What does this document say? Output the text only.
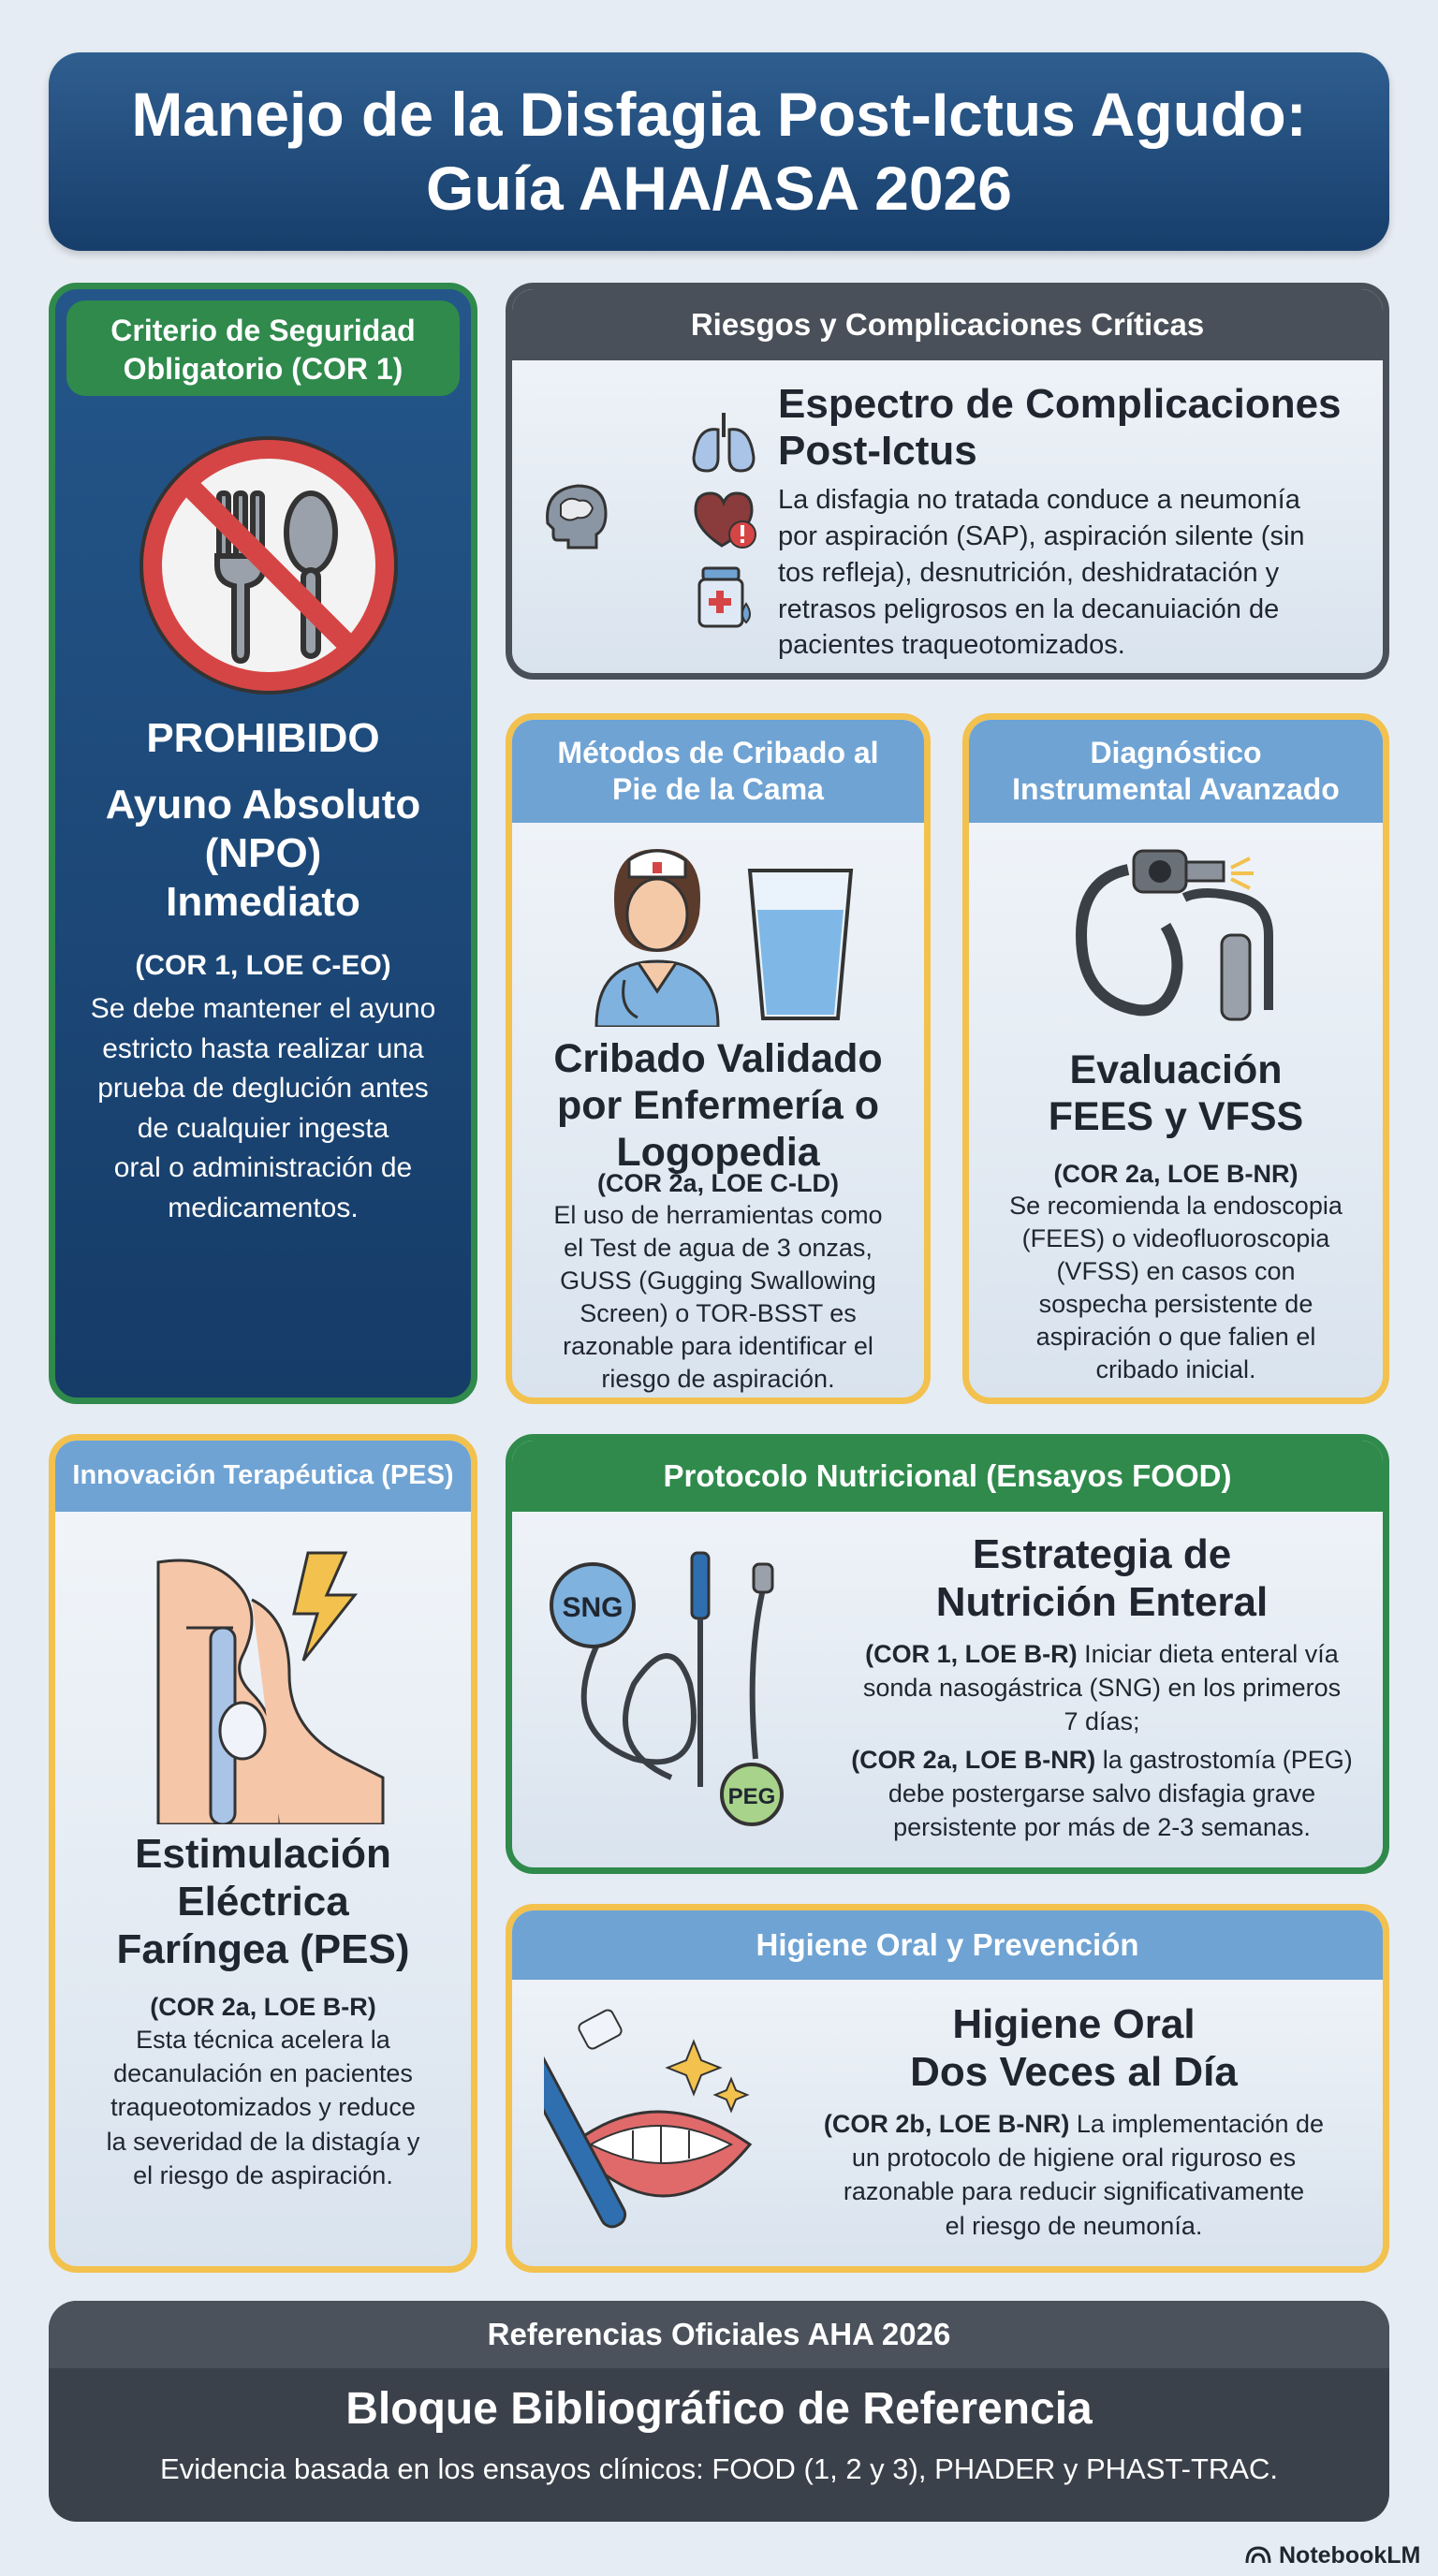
Manejo de la Disfagia Post-Ictus Agudo:
Guía AHA/ASA 2026
Criterio de Seguridad
Obligatorio (COR 1)
PROHIBIDO
Ayuno Absoluto
(NPO)
Inmediato
(COR 1, LOE C-EO)
Se debe mantener el ayuno
estricto hasta realizar una
prueba de deglución antes
de cualquier ingesta
oral o administración de
medicamentos.
Riesgos y Complicaciones Críticas
Espectro de Complicaciones
Post-Ictus
La disfagia no tratada conduce a neumonía
por aspiración (SAP), aspiración silente (sin
tos refleja), desnutrición, deshidratación y
retrasos peligrosos en la decanuiación de
pacientes traqueotomizados.
Métodos de Cribado al
Pie de la Cama
Cribado Validado
por Enfermería o
Logopedia
(COR 2a, LOE C-LD)
El uso de herramientas como
el Test de agua de 3 onzas,
GUSS (Gugging Swallowing
Screen) o TOR-BSST es
razonable para identificar el
riesgo de aspiración.
Diagnóstico
Instrumental Avanzado
Evaluación
FEES y VFSS
(COR 2a, LOE B-NR)
Se recomienda la endoscopia
(FEES) o videofluoroscopia
(VFSS) en casos con
sospecha persistente de
aspiración o que falien el
cribado inicial.
Innovación Terapéutica (PES)
Estimulación
Eléctrica
Faríngea (PES)
(COR 2a, LOE B-R)
Esta técnica acelera la
decanulación en pacientes
traqueotomizados y reduce
la severidad de la distagía y
el riesgo de aspiración.
Protocolo Nutricional (Ensayos FOOD)
SNG
PEG
Estrategia de
Nutrición Enteral
(COR 1, LOE B-R) Iniciar dieta enteral vía
sonda nasogástrica (SNG) en los primeros
7 días;
(COR 2a, LOE B-NR) la gastrostomía (PEG)
debe postergarse salvo disfagia grave
persistente por más de 2-3 semanas.
Higiene Oral y Prevención
Higiene Oral
Dos Veces al Día
(COR 2b, LOE B-NR) La implementación de
un protocolo de higiene oral riguroso es
razonable para reducir significativamente
el riesgo de neumonía.
Referencias Oficiales AHA 2026
Bloque Bibliográfico de Referencia
Evidencia basada en los ensayos clínicos: FOOD (1, 2 y 3), PHADER y PHAST-TRAC.
NotebookLM
